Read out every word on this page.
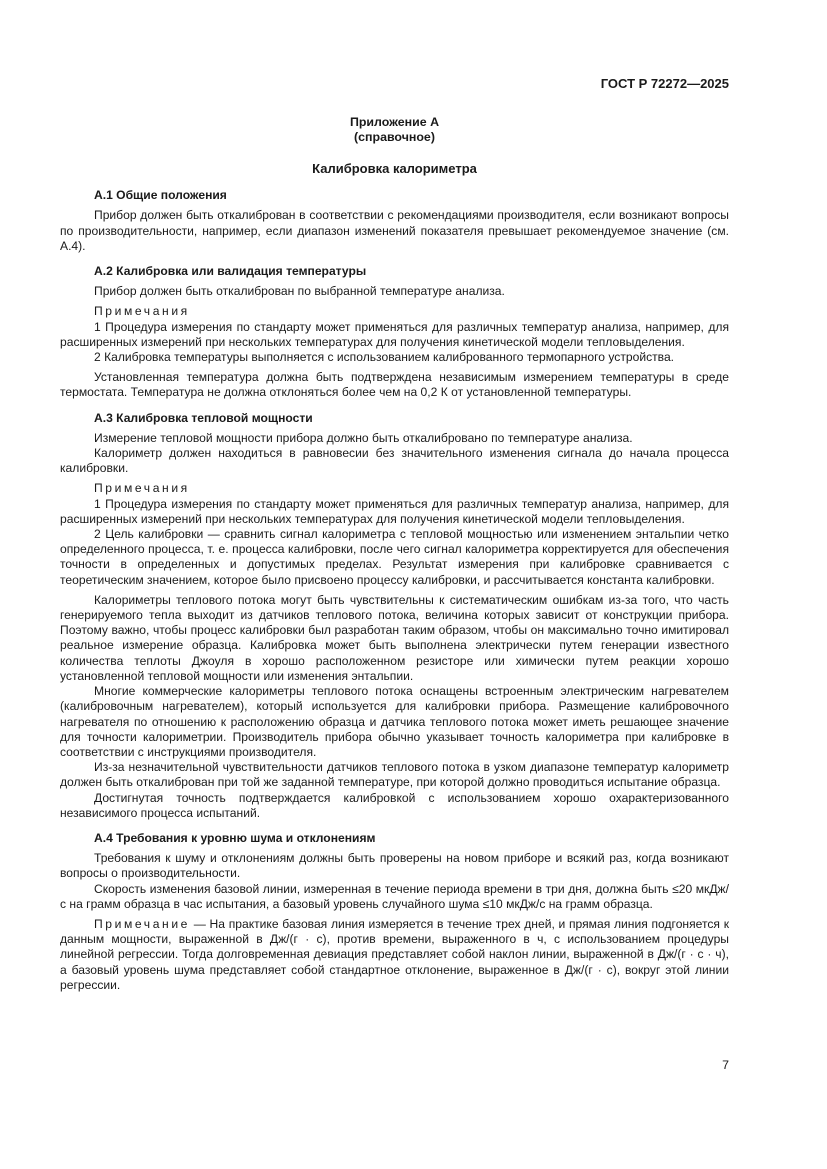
ГОСТ Р 72272—2025
Приложение А
(справочное)
Калибровка калориметра
А.1 Общие положения

Прибор должен быть откалиброван в соответствии с рекомендациями производителя, если возникают вопросы по производительности, например, если диапазон изменений показателя превышает рекомендуемое значение (см. А.4).

А.2 Калибровка или валидация температуры

Прибор должен быть откалиброван по выбранной температуре анализа.

Примечания

1 Процедура измерения по стандарту может применяться для различных температур анализа, например, для расширенных измерений при нескольких температурах для получения кинетической модели тепловыделения.

2 Калибровка температуры выполняется с использованием калиброванного термопарного устройства.

Установленная температура должна быть подтверждена независимым измерением температуры в среде термостата. Температура не должна отклоняться более чем на 0,2 К от установленной температуры.

А.3 Калибровка тепловой мощности

Измерение тепловой мощности прибора должно быть откалибровано по температуре анализа.

Калориметр должен находиться в равновесии без значительного изменения сигнала до начала процесса калибровки.

Примечания

1 Процедура измерения по стандарту может применяться для различных температур анализа, например, для расширенных измерений при нескольких температурах для получения кинетической модели тепловыделения.

2 Цель калибровки — сравнить сигнал калориметра с тепловой мощностью или изменением энтальпии четко определенного процесса, т. е. процесса калибровки, после чего сигнал калориметра корректируется для обеспечения точности в определенных и допустимых пределах. Результат измерения при калибровке сравнивается с теоретическим значением, которое было присвоено процессу калибровки, и рассчитывается константа калибровки.

Калориметры теплового потока могут быть чувствительны к систематическим ошибкам из-за того, что часть генерируемого тепла выходит из датчиков теплового потока, величина которых зависит от конструкции прибора. Поэтому важно, чтобы процесс калибровки был разработан таким образом, чтобы он максимально точно имитировал реальное измерение образца. Калибровка может быть выполнена электрически путем генерации известного количества теплоты Джоуля в хорошо расположенном резисторе или химически путем реакции хорошо установленной тепловой мощности или изменения энтальпии.

Многие коммерческие калориметры теплового потока оснащены встроенным электрическим нагревателем (калибровочным нагревателем), который используется для калибровки прибора. Размещение калибровочного нагревателя по отношению к расположению образца и датчика теплового потока может иметь решающее значение для точности калориметрии. Производитель прибора обычно указывает точность калориметра при калибровке в соответствии с инструкциями производителя.

Из-за незначительной чувствительности датчиков теплового потока в узком диапазоне температур калориметр должен быть откалиброван при той же заданной температуре, при которой должно проводиться испытание образца.

Достигнутая точность подтверждается калибровкой с использованием хорошо охарактеризованного независимого процесса испытаний.

А.4 Требования к уровню шума и отклонениям

Требования к шуму и отклонениям должны быть проверены на новом приборе и всякий раз, когда возникают вопросы о производительности.

Скорость изменения базовой линии, измеренная в течение периода времени в три дня, должна быть ≤20 мкДж/с на грамм образца в час испытания, а базовый уровень случайного шума ≤10 мкДж/с на грамм образца.

Примечание — На практике базовая линия измеряется в течение трех дней, и прямая линия подгоняется к данным мощности, выраженной в Дж/(г · с), против времени, выраженного в ч, с использованием процедуры линейной регрессии. Тогда долговременная девиация представляет собой наклон линии, выраженной в Дж/(г · с · ч), а базовый уровень шума представляет собой стандартное отклонение, выраженное в Дж/(г · с), вокруг этой линии регрессии.

7
